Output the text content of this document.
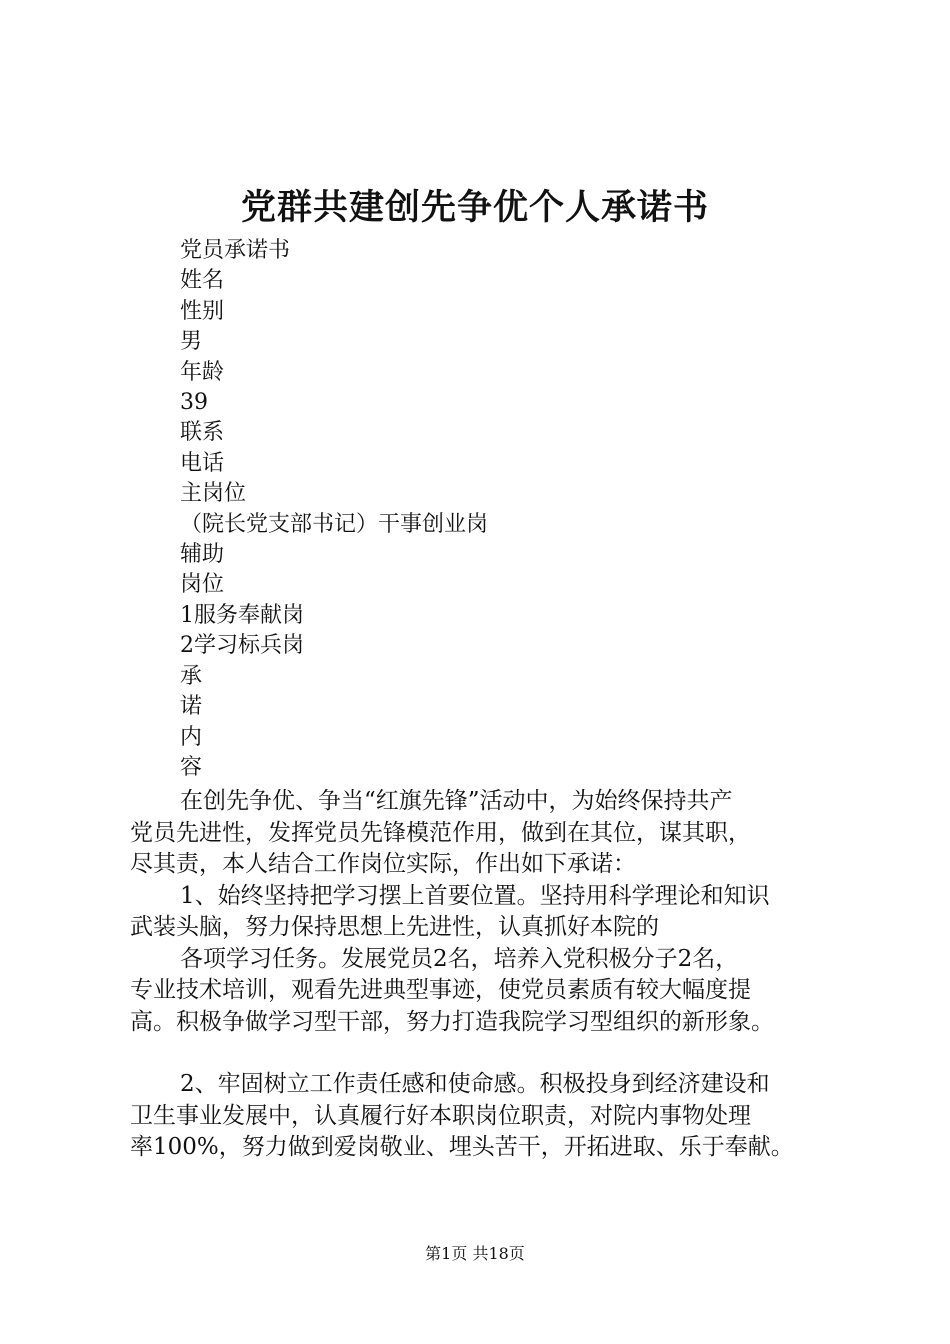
党群共建创先争优个人承诺书
党员承诺书
姓名
性别
男
年龄
39
联系
电话
主岗位
（院长党支部书记）干事创业岗
辅助
岗位
1服务奉献岗
2学习标兵岗
承
诺
内
容

在创先争优、争当“红旗先锋”活动中，为始终保持共产

党员先进性，发挥党员先锋模范作用，做到在其位，谋其职，

尽其责，本人结合工作岗位实际，作出如下承诺：

1、始终坚持把学习摆上首要位置。坚持用科学理论和知识

武装头脑，努力保持思想上先进性，认真抓好本院的

各项学习任务。发展党员2名，培养入党积极分子2名，

专业技术培训，观看先进典型事迹，使党员素质有较大幅度提

高。积极争做学习型干部，努力打造我院学习型组织的新形象。

2、牢固树立工作责任感和使命感。积极投身到经济建设和

卫生事业发展中，认真履行好本职岗位职责，对院内事物处理

率100%，努力做到爱岗敬业、埋头苦干，开拓进取、乐于奉献。

第1页 共18页
